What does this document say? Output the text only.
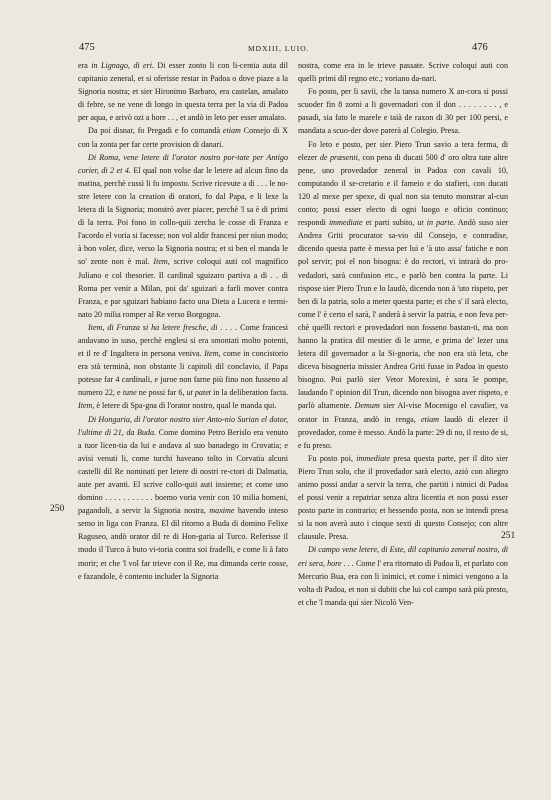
475	MDXIII, LUIO.	476
250
251

era in Lignago, di eri. Di esser zonto li con li-centia auta dil capitanio zeneral, et si oferisse restar in Padoa o dove piaze a la Signoria nostra; et sier Hironimo Barbaro, era castelan, amalato di febre, se ne vene di longo in questa terra per la via di Padoa per aqua, e arivò ozi a hore . . , et andò in leto per esser amalato.

Da poi disnar, fo Pregadi e fo comandà etiam Consejo di X con la zonta per far certe provision di danari.

Di Roma, vene letere di l'orator nostro por-tate per Antigo corier, di 2 et 4. El qual non volse dar le letere ad alcun fino da matina, perchè cussì li fo imposto. Scrive ricevute a di . . . le no-stre letere con la creation di oratori, fo dal Papa, e li lexe la letera di la Signoria; monstrò aver piacer, perchè 'l sa è di primi di la terra. Poi fono in collo-quii zercha le cosse di Franza e l'acordo el voria si facesse; non vol aldir francesi per niun modo; à bon voler, dice, verso la Signoria nostra; et si ben el manda le so' zente non è mal. Item, scrive coloqui auti col magnifico Juliano e col thesorier. Il cardinal sguizaro partiva a di . . di Roma per venir a Milan, poi da' sguizari a farli mover contra Franza, e par sguizari habiano facto una Dieta a Lucera e termi-nato 20 milia romper al Re verso Borgogna.

Item, di Franza si ha letere fresche, di . . . . Come francesi andavano in suso, perchè englesi si era smontati molto potenti, et il re d' Ingaltera in persona veniva. Item, come in concistorio era stà terminà, non obstante li capitoli dil conclavio, il Papa potesse far 4 cardinali, e juroe non farne più fino non fusseno al numero 22, e tune ne possi far 6, ut patet in la deliberation facta. Item, è letere di Spa-gna di l'orator nostro, qual le manda qui.

Di Hongaria, di l'orator nostro sier Anto-nio Surian el dotor, l'ultime di 21, da Buda. Come domino Petro Berislo era venuto a tuor licen-tia da lui e andava al suo banadego in Crovatia; e avisi venuti li, come turchi haveano tolto in Corvatia alcuni castelli dil Re nominati per letere di nostri re-ctori di Dalmatia, aute per avanti. El scrive collo-quii auti insieme; et come uno domino . . . . . . . . . . . boemo voria venir con 10 milia homeni, pagandoli, a servir la Signoria nostra, maxime havendo inteso semo in liga con Franza. El dil ritorno a Buda di domino Felixe Raguseo, andò orator dil re di Hon-garia al Turco. Referisse il modo il Turco à buto vi-toria contra soi fradelli, e come li à fato morir; et che 'l vol far trieve con il Re, ma dimanda certe cosse, e fazandole, è contento includer la Signoria

nostra, come era in le trieve passate. Scrive coloqui auti con quelli primi dil regno etc.; voriano da-nari.

Fo posto, per li savii, che la tansa numero X an-cora si possi scuoder fin 8 zorni a li governadori con il don . . . . . . . . , e pasadi, sia fato le marele e taià de raxon di 30 per 100 persi, e mandata a scuo-der dove parerà al Colegio. Presa.

Fo leto e posto, per sier Piero Trun savio a tera ferma, di elezer de præsenti, con pena di ducati 500 d' oro oltra tute altre pene, uno provedador zeneral in Padoa con cavali 10, computando il se-cretario e il fameio e do stafieri, con ducati 120 al mexe per spexe, di qual non sia tenuto monstrar al-cun conto; possi esser electo di ogni luogo e oficio continuo; respondi immediate et parti subito, ut in parte. Andò suso sier Andrea Griti procurator sa-vio dil Consejo, e contradise, dicendo questa parte è messa per lui e 'à uto assa' fatiche e non pol servir; poi el non bisogna: è do rectori, vi intrarà do pro-vedadori, sarà confusion etc., e parlò ben contra la parte. Li rispose sier Piero Trun e lo laudò, dicendo non à 'uto rispeto, per ben di la patria, solo a meter questa parte; et che s' il sarà electo, come l' è certo el sarà, l' anderà à servir la patria, e non feva per-chè quelli rectori e provedadori non fosseno bastan-ti, ma non hanno la pratica dil mestier di le arme, e prima de' lezer una letera dil governador a la Si-gnoria, che non era stà leta, che diceva bisogneria missier Andrea Griti fusse in Padoa in questo bisogno. Poi parlò sier Vetor Morexini, è sora le pompe, laudando l' opinion dil Trun, dicendo non bisogna aver rispeto, e parlò altamente. Demum sier Al-vise Mocenigo el cavalier, va orator in Franza, andò in renga, etiam laudò di elezer il provedador, come è messo. Andò la parte: 29 di no, il resto de si, e fu preso.

Fu posto poi, immediate presa questa parte, per il dito sier Piero Trun solo, che il provedador sarà electo, azió con aliegro animo possi andar a servir la terra, che partiti i nimici di Padoa el possi venir a repatriar senza altra licentia et non possi esser posto parte in contrario; et hessendo posta, non se intendi presa si la non averà auto i cinque sexti di questo Consejo; con altre clausule. Presa.

Di campo vene letere, di Este, dil capitanio zeneral nostro, di eri sera, hore . . . Come l' era ritornato di Padoa li, et parlato con Mercurio Bua, era con li inimici, et come i nimici vengono a la volta di Padoa, et non si dubiti che lui col campo sarà più presto, et che 'l manda qui sier Nicolò Ven-
